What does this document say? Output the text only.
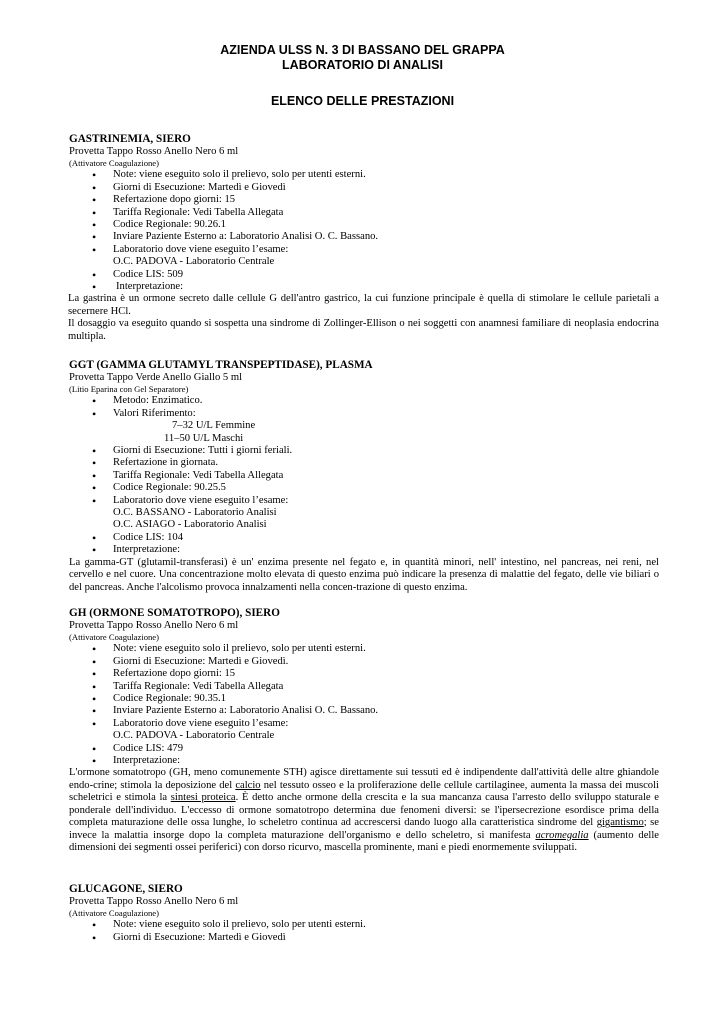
AZIENDA ULSS N. 3 DI BASSANO DEL GRAPPA
LABORATORIO DI ANALISI
ELENCO DELLE PRESTAZIONI
GASTRINEMIA, SIERO
Provetta Tappo Rosso Anello Nero 6 ml
(Attivatore Coagulazione)
• Note: viene eseguito solo il prelievo, solo per utenti esterni.
• Giorni di Esecuzione: Martedì e Giovedì
• Refertazione dopo giorni: 15
• Tariffa Regionale: Vedi Tabella Allegata
• Codice Regionale: 90.26.1
• Inviare Paziente Esterno a: Laboratorio Analisi O. C. Bassano.
• Laboratorio dove viene eseguito l’esame:
O.C. PADOVA - Laboratorio Centrale
• Codice LIS: 509
• Interpretazione:
La gastrina è un ormone secreto dalle cellule G dell'antro gastrico, la cui funzione principale è quella di stimolare le cellule parietali a secernere HCl.
Il dosaggio va eseguito quando si sospetta una sindrome di Zollinger-Ellison o nei soggetti con anamnesi familiare di neoplasia endocrina multipla.
GGT (GAMMA GLUTAMYL TRANSPEPTIDASE), PLASMA
Provetta Tappo Verde Anello Giallo 5 ml
(Litio Eparina con Gel Separatore)
• Metodo: Enzimatico.
• Valori Riferimento:
7–32 U/L Femmine
11–50 U/L Maschi
• Giorni di Esecuzione: Tutti i giorni feriali.
• Refertazione in giornata.
• Tariffa Regionale: Vedi Tabella Allegata
• Codice Regionale: 90.25.5
• Laboratorio dove viene eseguito l’esame:
O.C. BASSANO - Laboratorio Analisi
O.C. ASIAGO - Laboratorio Analisi
• Codice LIS: 104
• Interpretazione:
La gamma-GT (glutamil-transferasi) è un' enzima presente nel fegato e, in quantità minori, nell' intestino, nel pancreas, nei reni, nel cervello e nel cuore. Una concentrazione molto elevata di questo enzima può indicare la presenza di malattie del fegato, delle vie biliari o del pancreas. Anche l'alcolismo provoca innalzamenti nella concen-trazione di questo enzima.
GH (ORMONE SOMATOTROPO), SIERO
Provetta Tappo Rosso Anello Nero 6 ml
(Attivatore Coagulazione)
• Note: viene eseguito solo il prelievo, solo per utenti esterni.
• Giorni di Esecuzione: Martedì e Giovedì.
• Refertazione dopo giorni: 15
• Tariffa Regionale: Vedi Tabella Allegata
• Codice Regionale: 90.35.1
• Inviare Paziente Esterno a: Laboratorio Analisi O. C. Bassano.
• Laboratorio dove viene eseguito l’esame:
O.C. PADOVA - Laboratorio Centrale
• Codice LIS: 479
• Interpretazione:
L'ormone somatotropo (GH, meno comunemente STH) agisce direttamente sui tessuti ed è indipendente dall'attività delle altre ghiandole endo-crine; stimola la deposizione del calcio nel tessuto osseo e la proliferazione delle cellule cartilaginee, aumenta la massa dei muscoli scheletrici e stimola la sintesi proteica. È detto anche ormone della crescita e la sua mancanza causa l'arresto dello sviluppo staturale e ponderale dell'individuo. L'eccesso di ormone somatotropo determina due fenomeni diversi: se l'ipersecrezione esordisce prima della completa maturazione delle ossa lunghe, lo scheletro continua ad accrescersi dando luogo alla caratteristica sindrome del gigantismo; se invece la malattia insorge dopo la completa maturazione dell'organismo e dello scheletro, si manifesta acromegalia (aumento delle dimensioni dei segmenti ossei periferici) con dorso ricurvo, mascella prominente, mani e piedi enormemente sviluppati.
GLUCAGONE, SIERO
Provetta Tappo Rosso Anello Nero 6 ml
(Attivatore Coagulazione)
• Note: viene eseguito solo il prelievo, solo per utenti esterni.
• Giorni di Esecuzione: Martedì e Giovedì
